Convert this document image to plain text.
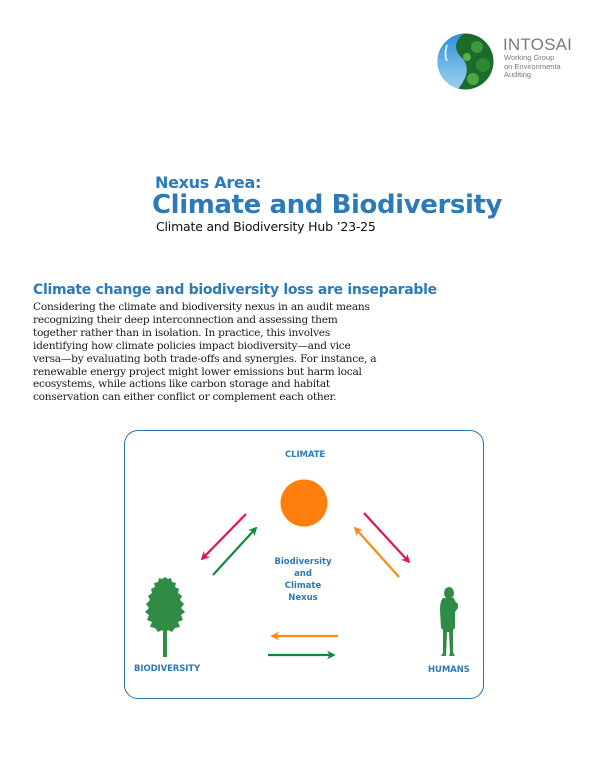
INTOSAI
Working Group
on Environmenta
Auditing
Nexus Area:
Climate and Biodiversity
Climate and Biodiversity Hub ’23-25
Climate change and biodiversity loss are inseparable
Considering the climate and biodiversity nexus in an audit means recognizing their deep interconnection and assessing them together rather than in isolation. In practice, this involves identifying how climate policies impact biodiversity—and vice versa—by evaluating both trade-offs and synergies. For instance, a renewable energy project might lower emissions but harm local ecosystems, while actions like carbon storage and habitat conservation can either conflict or complement each other.
CLIMATE
BIODIVERSITY	HUMANS
Biodiversity
and
Climate
Nexus
